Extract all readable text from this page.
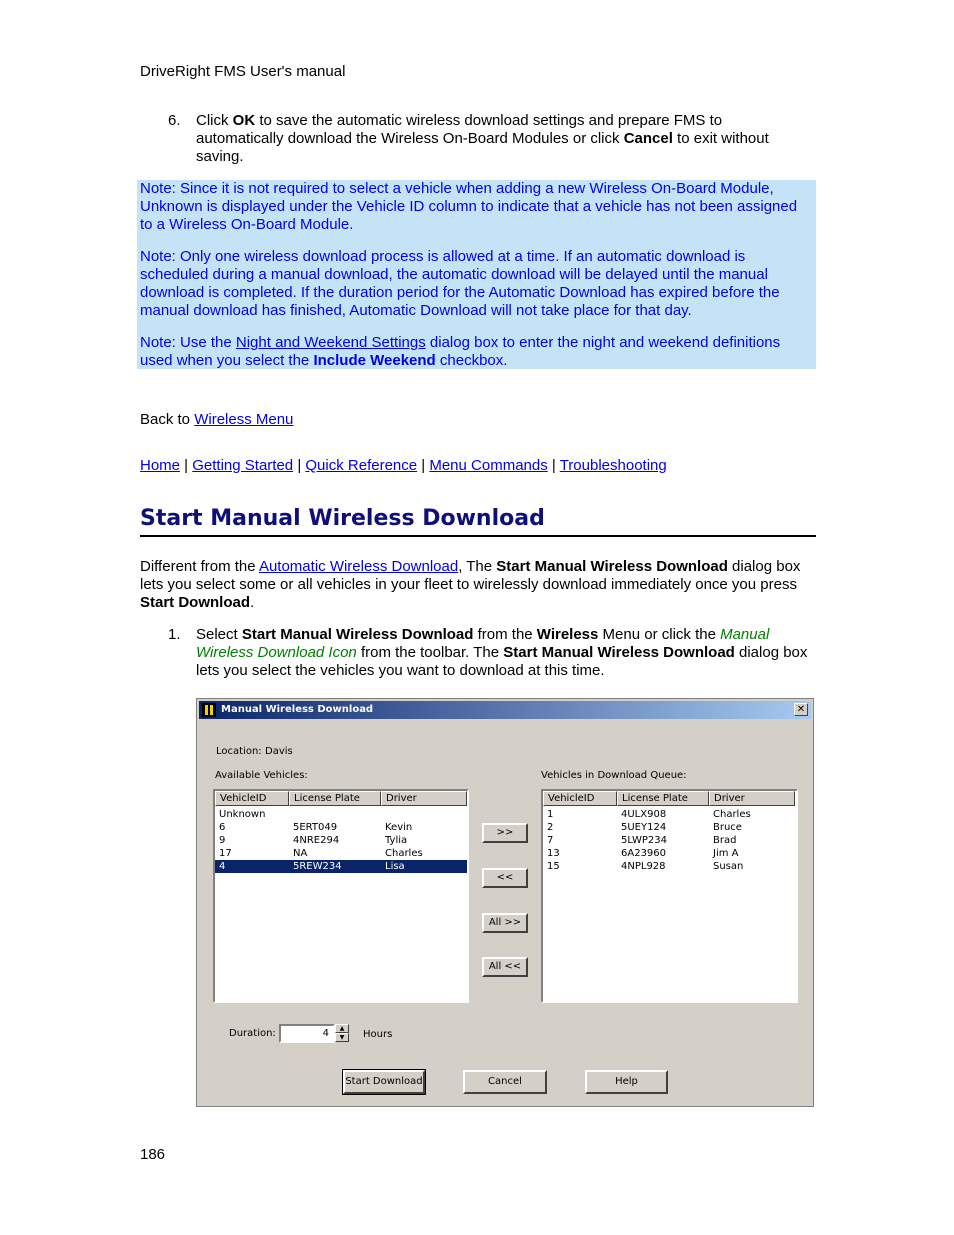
DriveRight FMS User's manual
6. Click OK to save the automatic wireless download settings and prepare FMS to automatically download the Wireless On-Board Modules or click Cancel to exit without saving.

Note: Since it is not required to select a vehicle when adding a new Wireless On-Board Module, Unknown is displayed under the Vehicle ID column to indicate that a vehicle has not been assigned to a Wireless On-Board Module.

Note: Only one wireless download process is allowed at a time. If an automatic download is scheduled during a manual download, the automatic download will be delayed until the manual download is completed. If the duration period for the Automatic Download has expired before the manual download has finished, Automatic Download will not take place for that day.

Note: Use the Night and Weekend Settings dialog box to enter the night and weekend definitions used when you select the Include Weekend checkbox.

Back to Wireless Menu
Home | Getting Started | Quick Reference | Menu Commands | Troubleshooting
Start Manual Wireless Download
Different from the Automatic Wireless Download, The Start Manual Wireless Download dialog box lets you select some or all vehicles in your fleet to wirelessly download immediately once you press Start Download.
1. Select Start Manual Wireless Download from the Wireless Menu or click the Manual Wireless Download Icon from the toolbar. The Start Manual Wireless Download dialog box lets you select the vehicles you want to download at this time.
Manual Wireless Download	✕
Location: Davis
Available Vehicles:	Vehicles in Download Queue:
VehicleID	License Plate	Driver
Unknown
6	5ERT049	Kevin
9	4NRE294	Tylia
17	NA	Charles
4	5REW234	Lisa
>>
<<
All >>
All <<
VehicleID	License Plate	Driver
1	4ULX908	Charles
2	5UEY124	Bruce
7	5LWP234	Brad
13	6A23960	Jim A
15	4NPL928	Susan
Duration:	4	▲
▼	Hours
Start Download	Cancel	Help
186
